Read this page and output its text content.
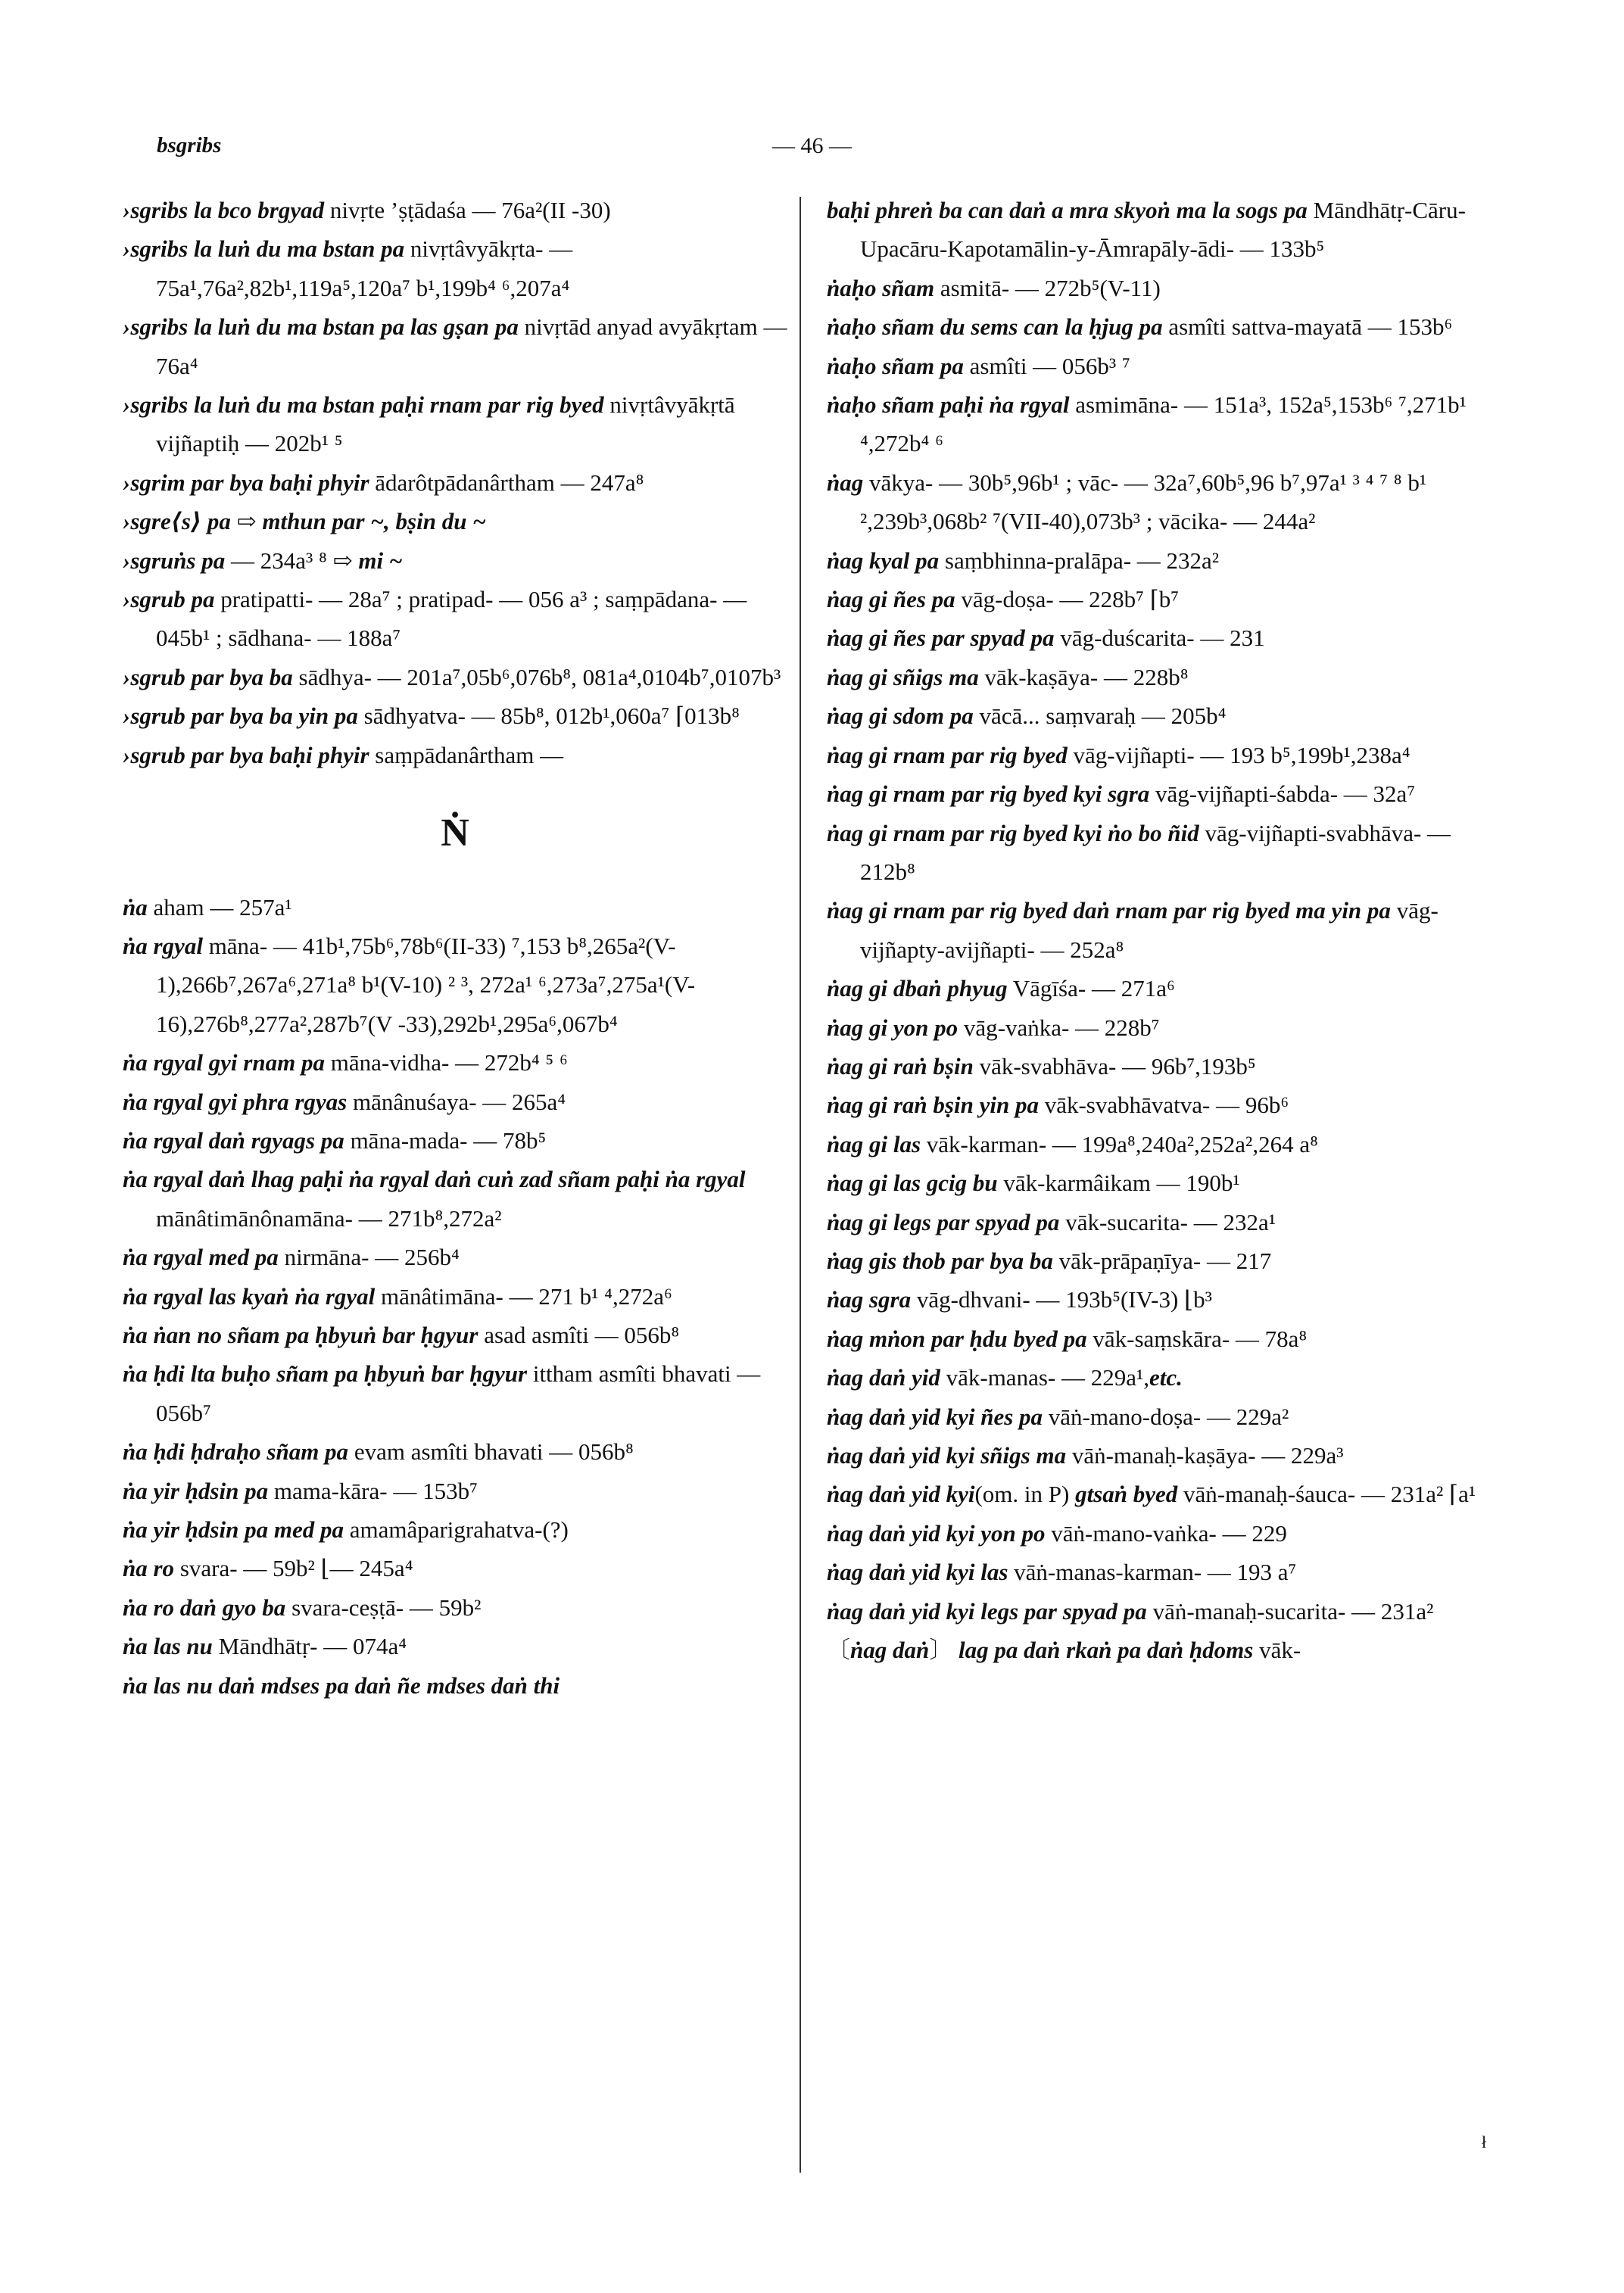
bsgribs	— 46 —
›sgribs la bco brgyad nivṛte ’ṣṭādaśa — 76a²(II -30)
›sgribs la luṅ du ma bstan pa nivṛtâvyākṛta- — 75a¹,76a²,82b¹,119a⁵,120a⁷ b¹,199b⁴ ⁶,207a⁴
›sgribs la luṅ du ma bstan pa las gṣan pa nivṛtād anyad avyākṛtam — 76a⁴
›sgribs la luṅ du ma bstan paḥi rnam par rig byed nivṛtâvyākṛtā vijñaptiḥ — 202b¹ ⁵
›sgrim par bya baḥi phyir ādarôtpādanârtham — 247a⁸
›sgre⟨s⟩ pa ⇨ mthun par ~, bṣin du ~
›sgruṅs pa — 234a³ ⁸ ⇨ mi ~
›sgrub pa pratipatti- — 28a⁷ ; pratipad- — 056 a³ ; saṃpādana- — 045b¹ ; sādhana- — 188a⁷
›sgrub par bya ba sādhya- — 201a⁷,05b⁶,076b⁸, 081a⁴,0104b⁷,0107b³
›sgrub par bya ba yin pa sādhyatva- — 85b⁸, 012b¹,060a⁷ ⌈013b⁸
›sgrub par bya baḥi phyir saṃpādanârtham —
Ṅ
ṅa aham — 257a¹
ṅa rgyal māna- — 41b¹,75b⁶,78b⁶(II-33) ⁷,153 b⁸,265a²(V-1),266b⁷,267a⁶,271a⁸ b¹(V-10) ² ³, 272a¹ ⁶,273a⁷,275a¹(V-16),276b⁸,277a²,287b⁷(V -33),292b¹,295a⁶,067b⁴
ṅa rgyal gyi rnam pa māna-vidha- — 272b⁴ ⁵ ⁶
ṅa rgyal gyi phra rgyas mānânuśaya- — 265a⁴
ṅa rgyal daṅ rgyags pa māna-mada- — 78b⁵
ṅa rgyal daṅ lhag paḥi ṅa rgyal daṅ cuṅ zad sñam paḥi ṅa rgyal mānâtimānônamāna- — 271b⁸,272a²
ṅa rgyal med pa nirmāna- — 256b⁴
ṅa rgyal las kyaṅ ṅa rgyal mānâtimāna- — 271 b¹ ⁴,272a⁶
ṅa ṅan no sñam pa ḥbyuṅ bar ḥgyur asad asmîti — 056b⁸
ṅa ḥdi lta buḥo sñam pa ḥbyuṅ bar ḥgyur ittham asmîti bhavati — 056b⁷
ṅa ḥdi ḥdraḥo sñam pa evam asmîti bhavati — 056b⁸
ṅa yir ḥdsin pa mama-kāra- — 153b⁷
ṅa yir ḥdsin pa med pa amamâparigrahatva-(?)
ṅa ro svara- — 59b² ⌊— 245a⁴
ṅa ro daṅ gyo ba svara-ceṣṭā- — 59b²
ṅa las nu Māndhātṛ- — 074a⁴
ṅa las nu daṅ mdses pa daṅ ñe mdses daṅ thi
baḥi phreṅ ba can daṅ a mra skyoṅ ma la sogs pa Māndhātṛ-Cāru-Upacāru-Kapotamālin-y-Āmrapāly-ādi- — 133b⁵
ṅaḥo sñam asmitā- — 272b⁵(V-11)
ṅaḥo sñam du sems can la ḥjug pa asmîti sattva-mayatā — 153b⁶
ṅaḥo sñam pa asmîti — 056b³ ⁷
ṅaḥo sñam paḥi ṅa rgyal asmimāna- — 151a³, 152a⁵,153b⁶ ⁷,271b¹ ⁴,272b⁴ ⁶
ṅag vākya- — 30b⁵,96b¹ ; vāc- — 32a⁷,60b⁵,96 b⁷,97a¹ ³ ⁴ ⁷ ⁸ b¹ ²,239b³,068b² ⁷(VII-40),073b³ ; vācika- — 244a²
ṅag kyal pa saṃbhinna-pralāpa- — 232a²
ṅag gi ñes pa vāg-doṣa- — 228b⁷ ⌈b⁷
ṅag gi ñes par spyad pa vāg-duścarita- — 231
ṅag gi sñigs ma vāk-kaṣāya- — 228b⁸
ṅag gi sdom pa vācā... saṃvaraḥ — 205b⁴
ṅag gi rnam par rig byed vāg-vijñapti- — 193 b⁵,199b¹,238a⁴
ṅag gi rnam par rig byed kyi sgra vāg-vijñapti-śabda- — 32a⁷
ṅag gi rnam par rig byed kyi ṅo bo ñid vāg-vijñapti-svabhāva- — 212b⁸
ṅag gi rnam par rig byed daṅ rnam par rig byed ma yin pa vāg-vijñapty-avijñapti- — 252a⁸
ṅag gi dbaṅ phyug Vāgīśa- — 271a⁶
ṅag gi yon po vāg-vaṅka- — 228b⁷
ṅag gi raṅ bṣin vāk-svabhāva- — 96b⁷,193b⁵
ṅag gi raṅ bṣin yin pa vāk-svabhāvatva- — 96b⁶
ṅag gi las vāk-karman- — 199a⁸,240a²,252a²,264 a⁸
ṅag gi las gcig bu vāk-karmâikam — 190b¹
ṅag gi legs par spyad pa vāk-sucarita- — 232a¹
ṅag gis thob par bya ba vāk-prāpaṇīya- — 217
ṅag sgra vāg-dhvani- — 193b⁵(IV-3) ⌊b³
ṅag mṅon par ḥdu byed pa vāk-saṃskāra- — 78a⁸
ṅag daṅ yid vāk-manas- — 229a¹,etc.
ṅag daṅ yid kyi ñes pa vāṅ-mano-doṣa- — 229a²
ṅag daṅ yid kyi sñigs ma vāṅ-manaḥ-kaṣāya- — 229a³
ṅag daṅ yid kyi(om. in P) gtsaṅ byed vāṅ-manaḥ-śauca- — 231a² ⌈a¹
ṅag daṅ yid kyi yon po vāṅ-mano-vaṅka- — 229
ṅag daṅ yid kyi las vāṅ-manas-karman- — 193 a⁷
ṅag daṅ yid kyi legs par spyad pa vāṅ-manaḥ-sucarita- — 231a²
〔ṅag daṅ〕 lag pa daṅ rkaṅ pa daṅ ḥdoms vāk-
ł
